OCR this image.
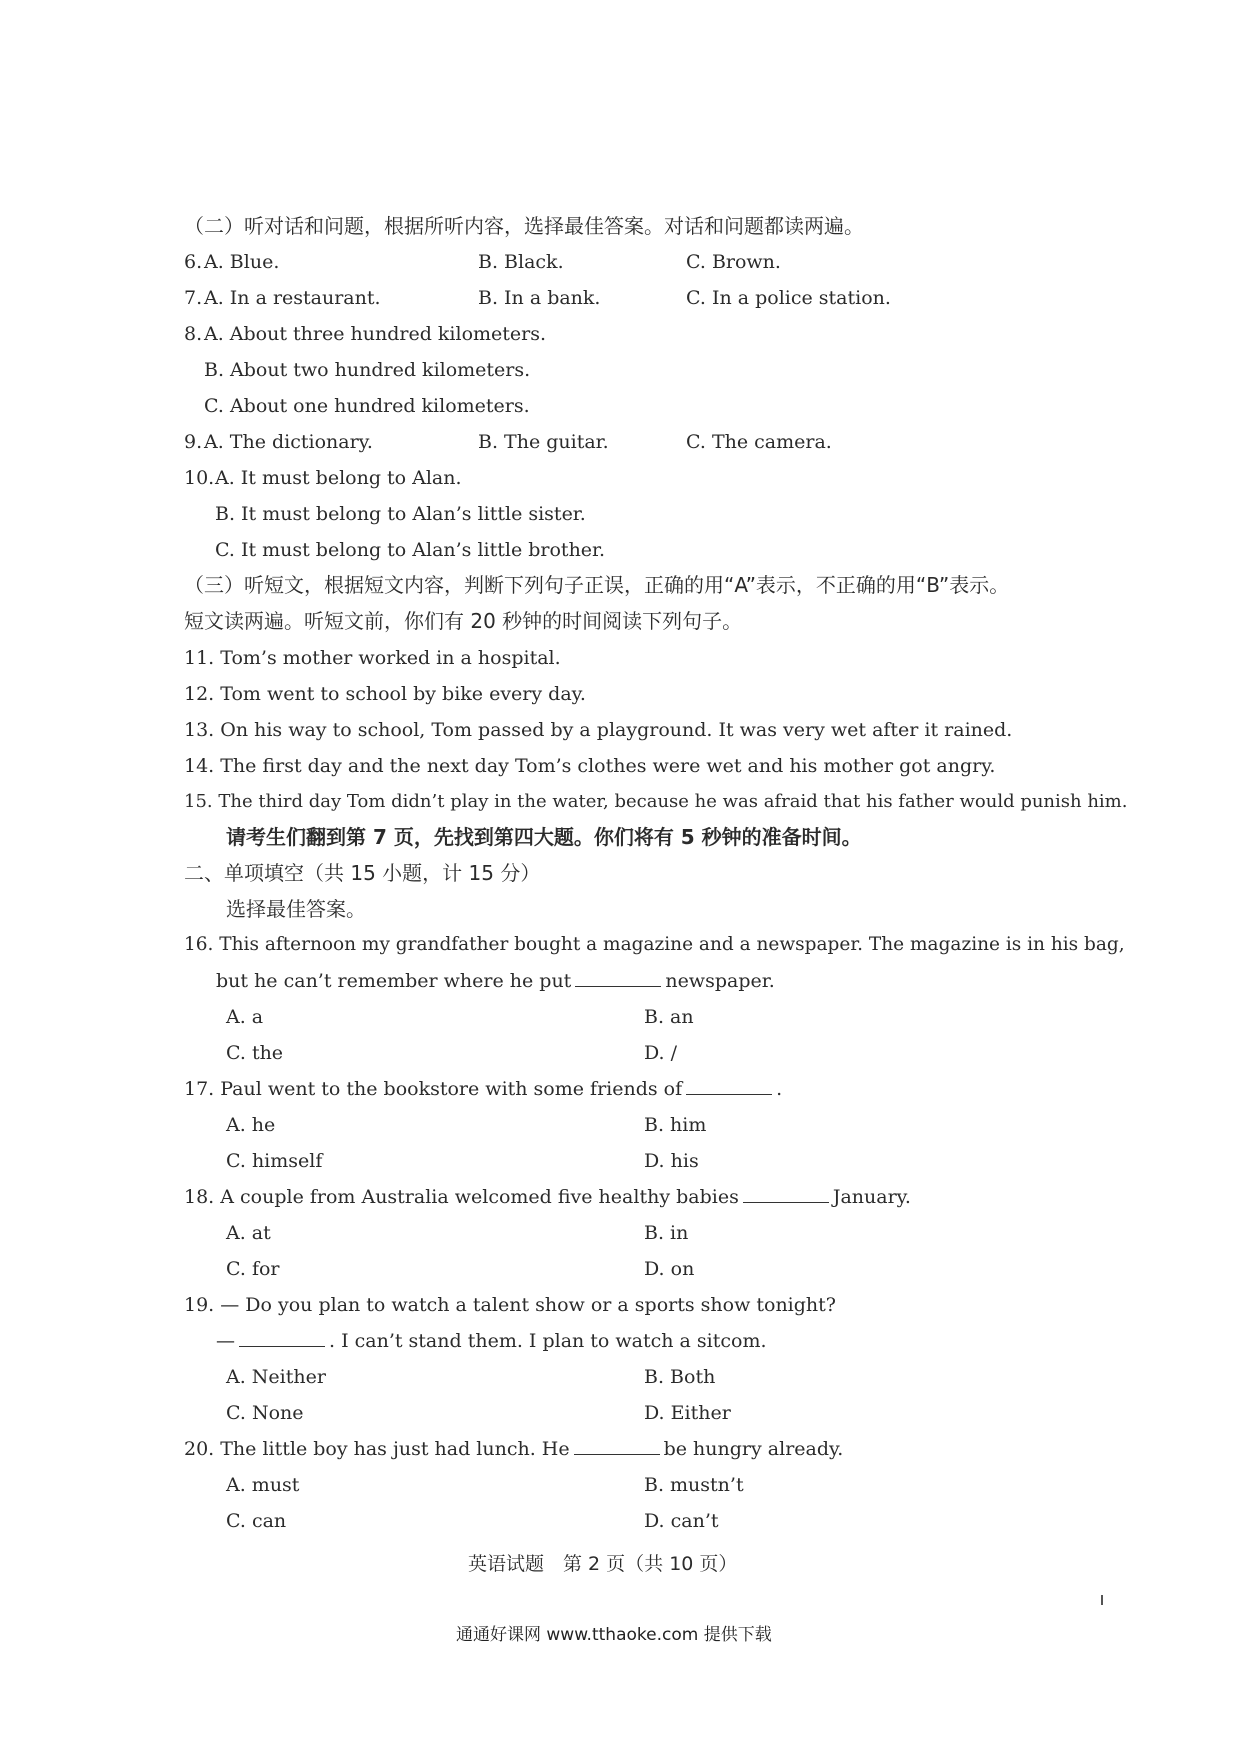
（二）听对话和问题，根据所听内容，选择最佳答案。对话和问题都读两遍。
6. A. Blue.	B. Black.	C. Brown.
7. A. In a restaurant.	B. In a bank.	C. In a police station.
8. A. About three hundred kilometers.
B. About two hundred kilometers.
C. About one hundred kilometers.
9. A. The dictionary.	B. The guitar.	C. The camera.
10. A. It must belong to Alan.
B. It must belong to Alan’s little sister.
C. It must belong to Alan’s little brother.
（三）听短文，根据短文内容，判断下列句子正误，正确的用“A”表示，不正确的用“B”表示。
短文读两遍。听短文前，你们有 20 秒钟的时间阅读下列句子。
11. Tom’s mother worked in a hospital.
12. Tom went to school by bike every day.
13. On his way to school, Tom passed by a playground. It was very wet after it rained.
14. The first day and the next day Tom’s clothes were wet and his mother got angry.
15. The third day Tom didn’t play in the water, because he was afraid that his father would punish him.
请考生们翻到第 7 页，先找到第四大题。你们将有 5 秒钟的准备时间。
二、单项填空（共 15 小题，计 15 分）
选择最佳答案。
16. This afternoon my grandfather bought a magazine and a newspaper. The magazine is in his bag,
but he can’t remember where he put	newspaper.
A. a	B. an
C. the	D. /
17. Paul went to the bookstore with some friends of	.
A. he	B. him
C. himself	D. his
18. A couple from Australia welcomed five healthy babies	January.
A. at	B. in
C. for	D. on
19. — Do you plan to watch a talent show or a sports show tonight?
—	. I can’t stand them. I plan to watch a sitcom.
A. Neither	B. Both
C. None	D. Either
20. The little boy has just had lunch. He	be hungry already.
A. must	B. mustn’t
C. can	D. can’t
英语试题　第 2 页（共 10 页）
通通好课网 www.tthaoke.com 提供下载
